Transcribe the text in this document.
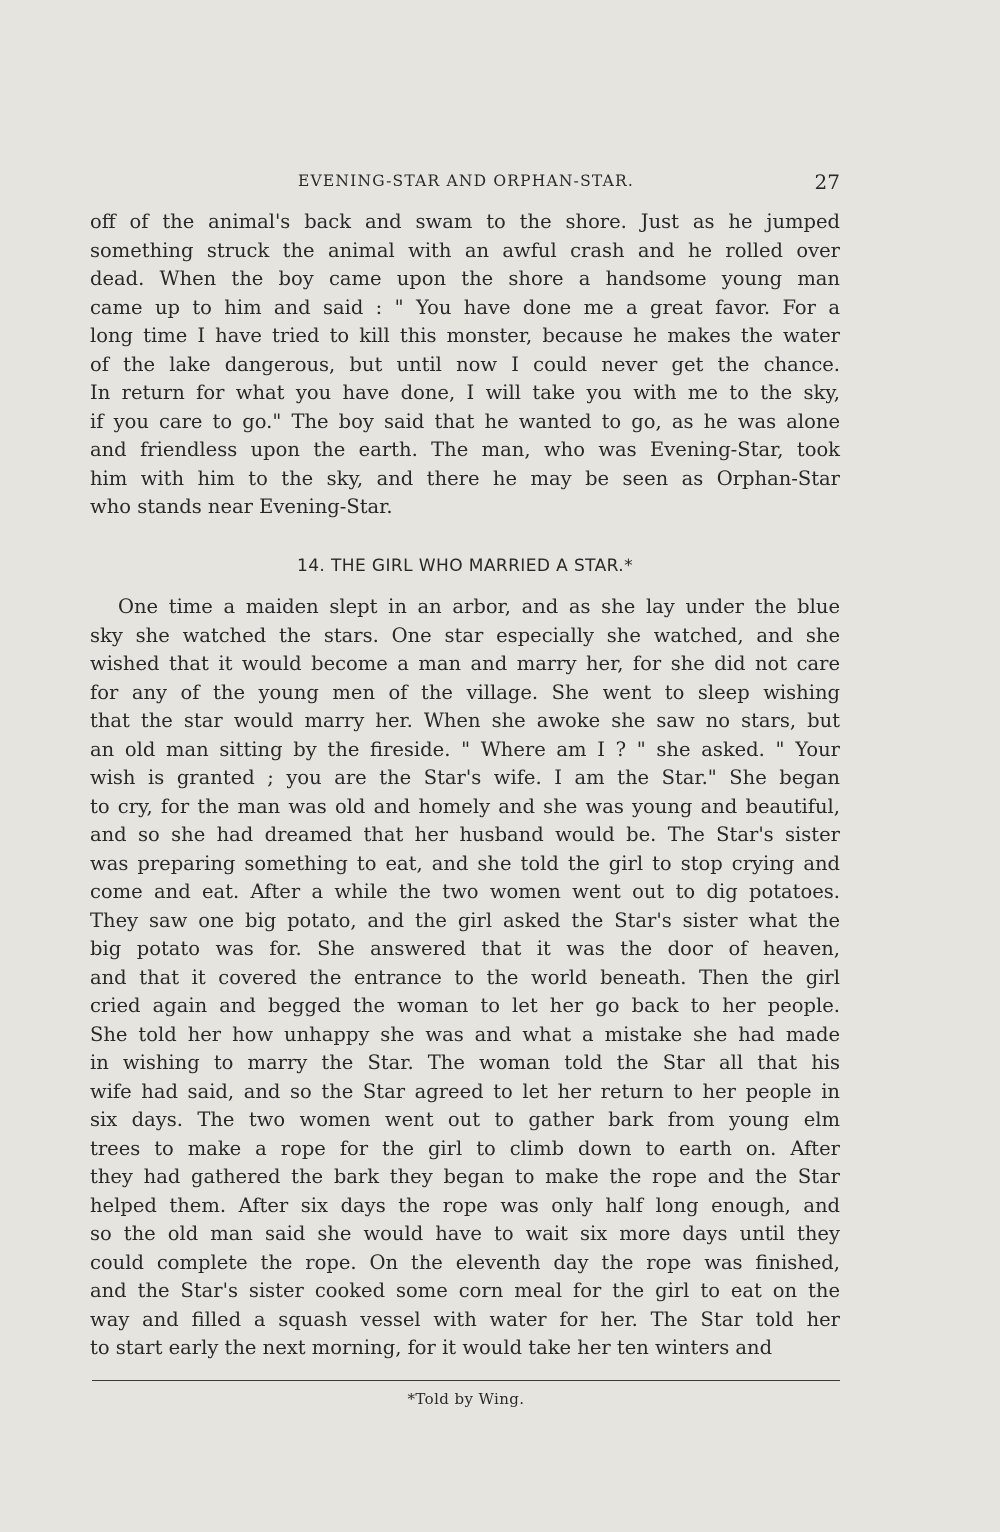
EVENING-STAR AND ORPHAN-STAR.	27
off of the animal's back and swam to the shore. Just as he jumped
something struck the animal with an awful crash and he rolled over
dead. When the boy came upon the shore a handsome young man
came up to him and said : " You have done me a great favor. For a
long time I have tried to kill this monster, because he makes the water
of the lake dangerous, but until now I could never get the chance.
In return for what you have done, I will take you with me to the sky,
if you care to go." The boy said that he wanted to go, as he was alone
and friendless upon the earth. The man, who was Evening-Star, took
him with him to the sky, and there he may be seen as Orphan-Star
who stands near Evening-Star.
14. THE GIRL WHO MARRIED A STAR.*
One time a maiden slept in an arbor, and as she lay under the blue
sky she watched the stars. One star especially she watched, and she
wished that it would become a man and marry her, for she did not care
for any of the young men of the village. She went to sleep wishing
that the star would marry her. When she awoke she saw no stars, but
an old man sitting by the fireside. " Where am I ? " she asked. " Your
wish is granted ; you are the Star's wife. I am the Star." She began
to cry, for the man was old and homely and she was young and beautiful,
and so she had dreamed that her husband would be. The Star's sister
was preparing something to eat, and she told the girl to stop crying and
come and eat. After a while the two women went out to dig potatoes.
They saw one big potato, and the girl asked the Star's sister what the
big potato was for. She answered that it was the door of heaven,
and that it covered the entrance to the world beneath. Then the girl
cried again and begged the woman to let her go back to her people.
She told her how unhappy she was and what a mistake she had made
in wishing to marry the Star. The woman told the Star all that his
wife had said, and so the Star agreed to let her return to her people in
six days. The two women went out to gather bark from young elm
trees to make a rope for the girl to climb down to earth on. After
they had gathered the bark they began to make the rope and the Star
helped them. After six days the rope was only half long enough, and
so the old man said she would have to wait six more days until they
could complete the rope. On the eleventh day the rope was finished,
and the Star's sister cooked some corn meal for the girl to eat on the
way and filled a squash vessel with water for her. The Star told her
to start early the next morning, for it would take her ten winters and
*Told by Wing.
